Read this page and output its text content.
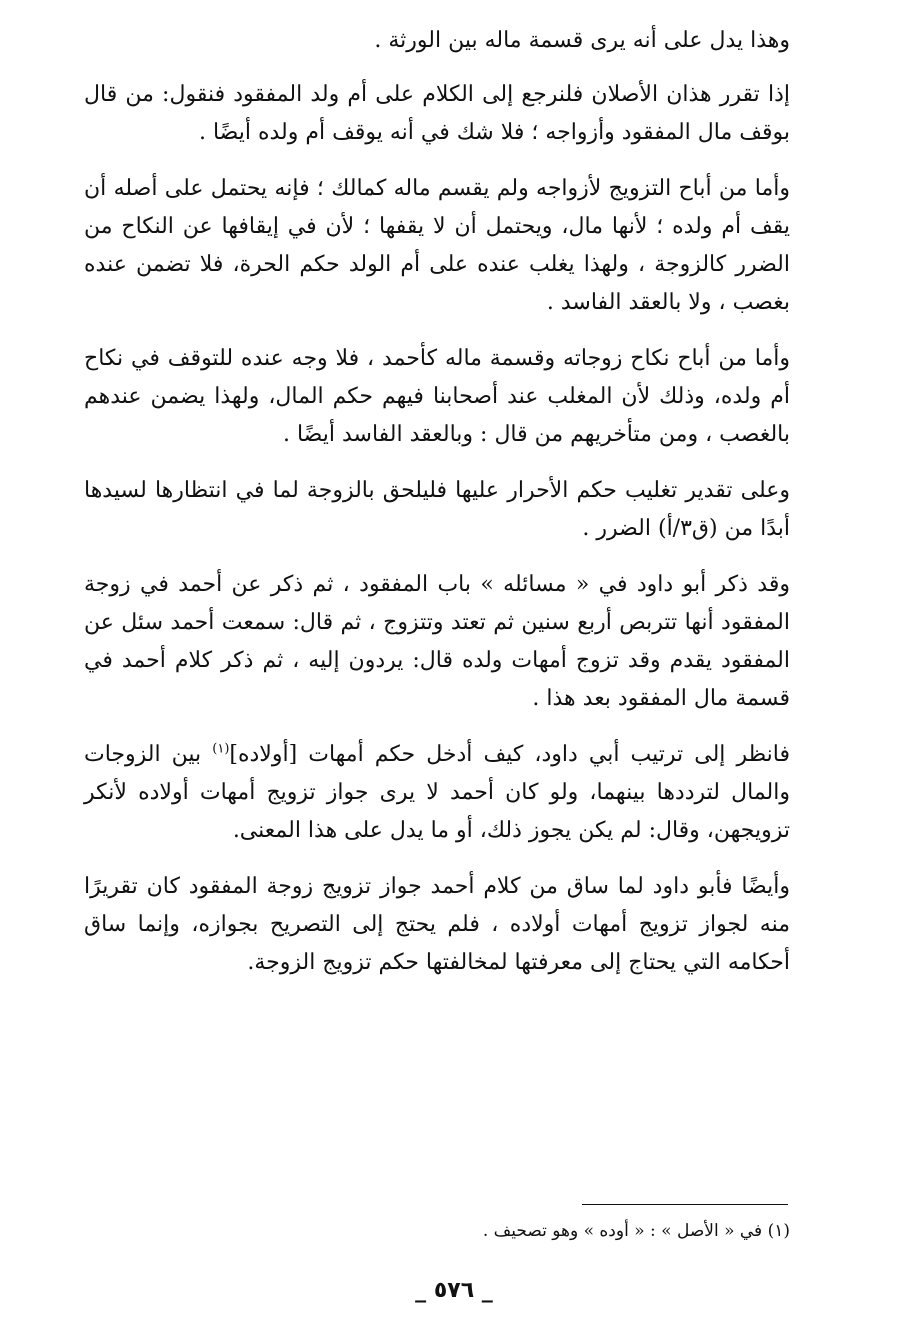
وهذا يدل على أنه يرى قسمة ماله بين الورثة .

إذا تقرر هذان الأصلان فلنرجع إلى الكلام على أم ولد المفقود فنقول: من قال بوقف مال المفقود وأزواجه ؛ فلا شك في أنه يوقف أم ولده أيضًا .

وأما من أباح التزويج لأزواجه ولم يقسم ماله كمالك ؛ فإنه يحتمل على أصله أن يقف أم ولده ؛ لأنها مال، ويحتمل أن لا يقفها ؛ لأن في إيقافها عن النكاح من الضرر كالزوجة ، ولهذا يغلب عنده على أم الولد حكم الحرة، فلا تضمن عنده بغصب ، ولا بالعقد الفاسد .

وأما من أباح نكاح زوجاته وقسمة ماله كأحمد ، فلا وجه عنده للتوقف في نكاح أم ولده، وذلك لأن المغلب عند أصحابنا فيهم حكم المال، ولهذا يضمن عندهم بالغصب ، ومن متأخريهم من قال : وبالعقد الفاسد أيضًا .

وعلى تقدير تغليب حكم الأحرار عليها فليلحق بالزوجة لما في انتظارها لسيدها أبدًا من (ق٣/أ) الضرر .

وقد ذكر أبو داود في « مسائله » باب المفقود ، ثم ذكر عن أحمد في زوجة المفقود أنها تتربص أربع سنين ثم تعتد وتتزوج ، ثم قال: سمعت أحمد سئل عن المفقود يقدم وقد تزوج أمهات ولده قال: يردون إليه ، ثم ذكر كلام أحمد في قسمة مال المفقود بعد هذا .

فانظر إلى ترتيب أبي داود، كيف أدخل حكم أمهات [أولاده]$^{(١)}$ بين الزوجات والمال لترددها بينهما، ولو كان أحمد لا يرى جواز تزويج أمهات أولاده لأنكر تزويجهن، وقال: لم يكن يجوز ذلك، أو ما يدل على هذا المعنى.

وأيضًا فأبو داود لما ساق من كلام أحمد جواز تزويج زوجة المفقود كان تقريرًا منه لجواز تزويج أمهات أولاده ، فلم يحتج إلى التصريح بجوازه، وإنما ساق أحكامه التي يحتاج إلى معرفتها لمخالفتها حكم تزويج الزوجة.

(١) في « الأصل » : « أوده » وهو تصحيف .
_ ٥٧٦ _
